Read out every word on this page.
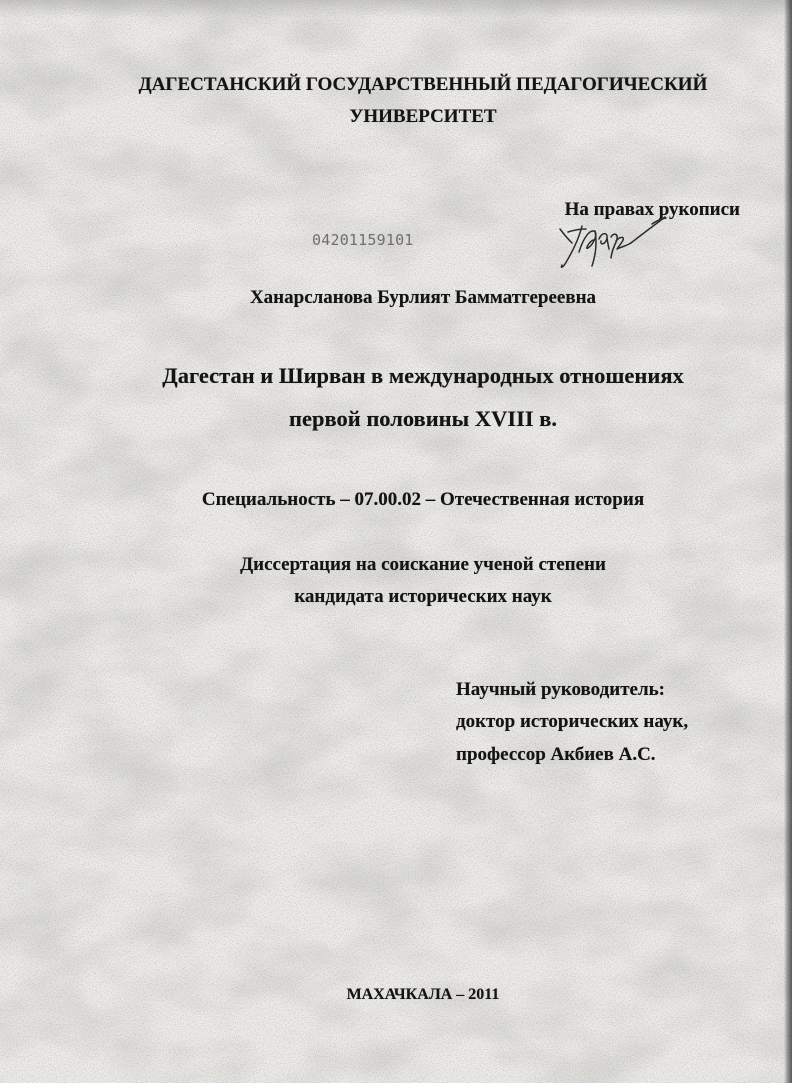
ДАГЕСТАНСКИЙ ГОСУДАРСТВЕННЫЙ ПЕДАГОГИЧЕСКИЙ
УНИВЕРСИТЕТ
На правах рукописи
04201159101
Ханарсланова Бурлият Бамматгереевна
Дагестан и Ширван в международных отношениях
первой половины XVIII в.
Специальность – 07.00.02 – Отечественная история
Диссертация на соискание ученой степени
кандидата исторических наук
Научный руководитель:
доктор исторических наук,
профессор Акбиев А.С.
МАХАЧКАЛА – 2011
